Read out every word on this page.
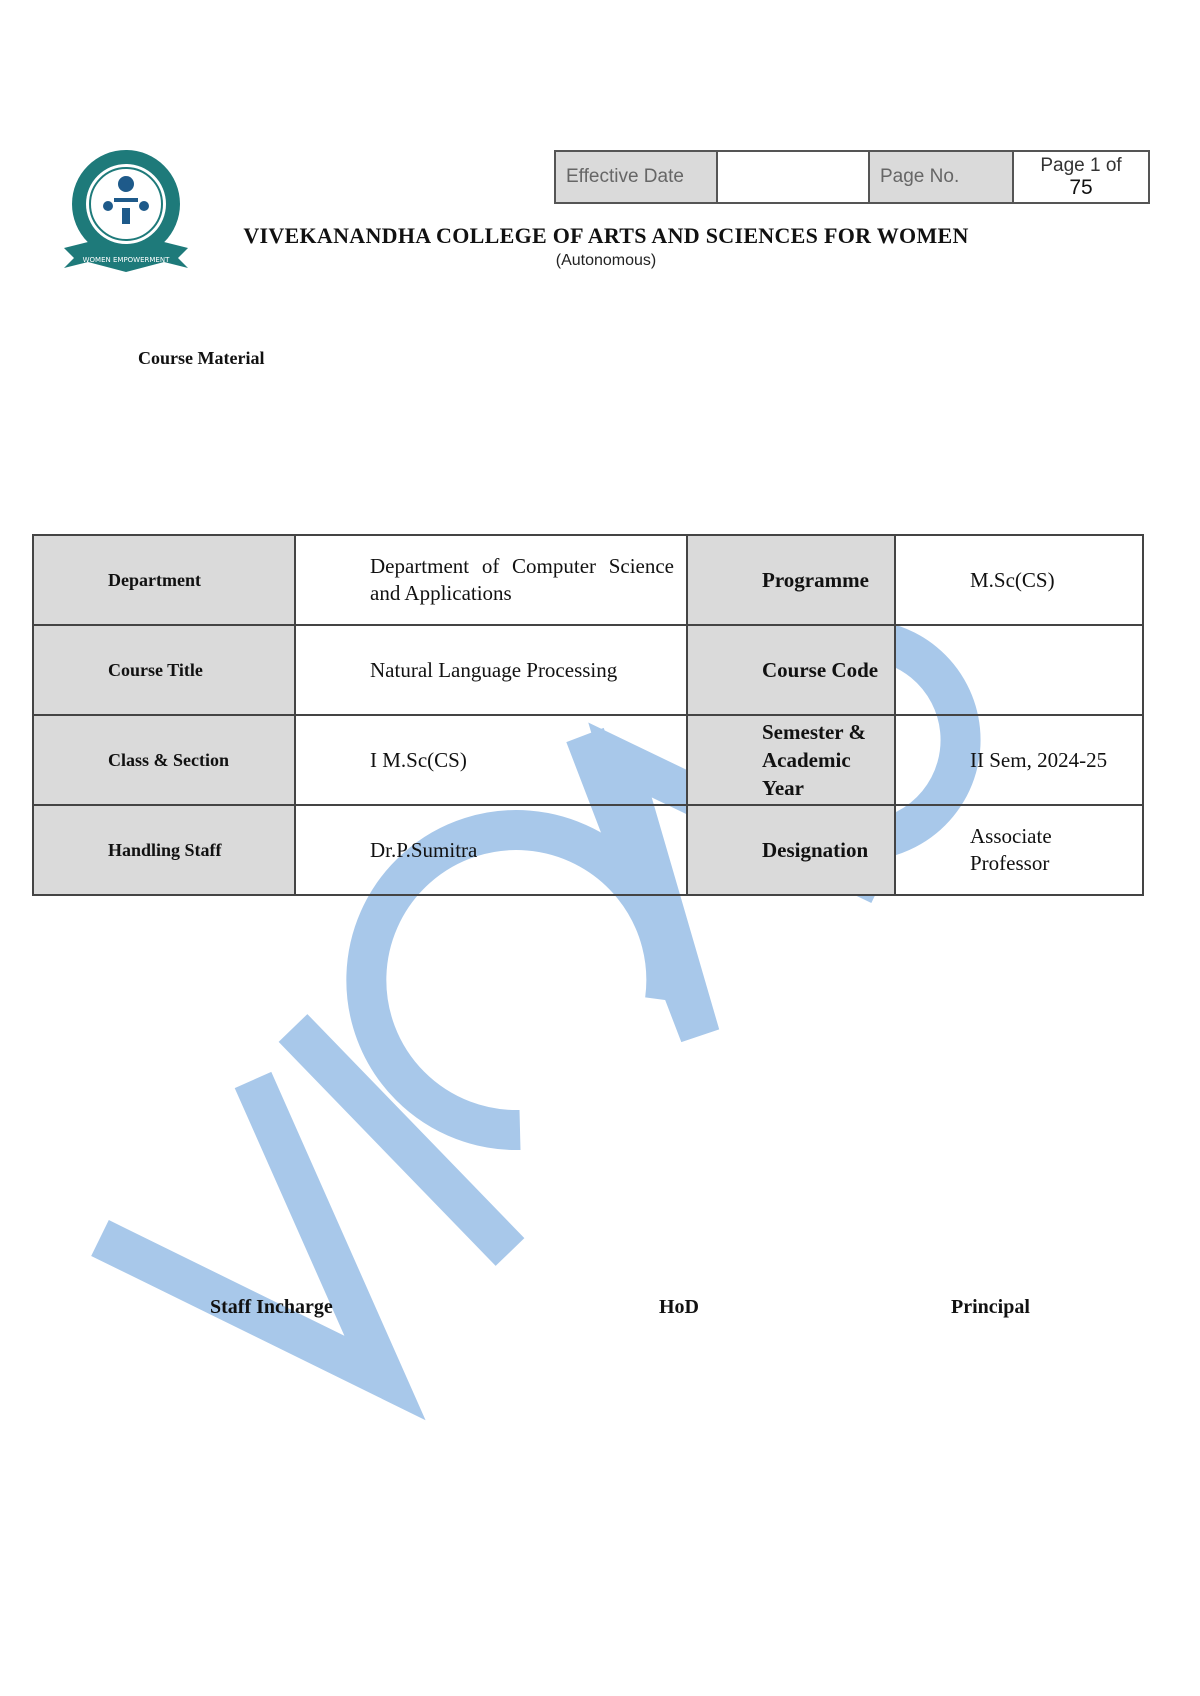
WOMEN EMPOWERMENT
Effective Date		Page No.	Page 1 of
75
VIVEKANANDHA COLLEGE OF ARTS AND SCIENCES FOR WOMEN
(Autonomous)
Course Material
Department	Department of Computer Science and Applications	Programme	M.Sc(CS)
Course Title	Natural Language Processing	Course Code	
Class & Section	I M.Sc(CS)	Semester & Academic Year	II Sem, 2024-25
Handling Staff	Dr.P.Sumitra	Designation	Associate Professor
Staff Incharge	HoD	Principal
